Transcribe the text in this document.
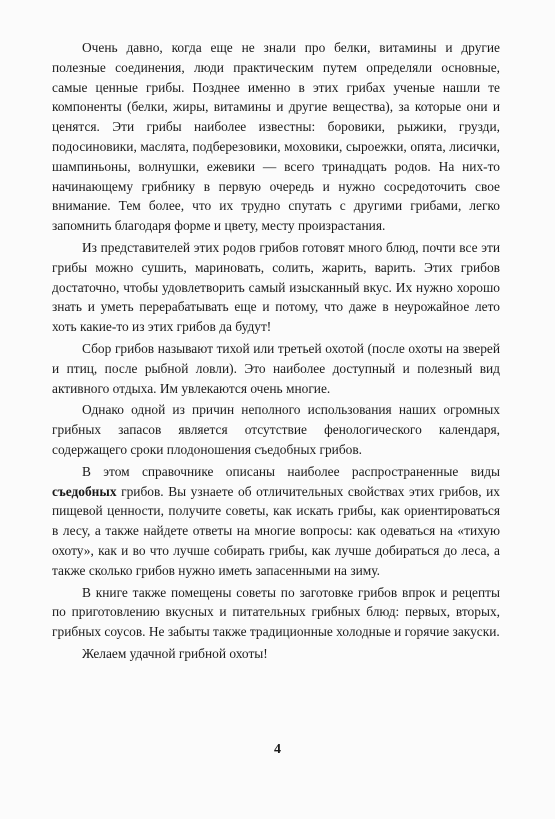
Очень давно, когда еще не знали про белки, витамины и другие полезные соединения, люди практическим путем определяли основные, самые ценные грибы. Позднее именно в этих грибах ученые нашли те компоненты (белки, жиры, витамины и другие вещества), за которые они и ценятся. Эти грибы наиболее известны: боровики, рыжики, грузди, подосиновики, маслята, подберезовики, моховики, сыроежки, опята, лисички, шампиньоны, волнушки, ежевики — всего тринадцать родов. На них-то начинающему грибнику в первую очередь и нужно сосредоточить свое внимание. Тем более, что их трудно спутать с другими грибами, легко запомнить благодаря форме и цвету, месту произрастания.

Из представителей этих родов грибов готовят много блюд, почти все эти грибы можно сушить, мариновать, солить, жарить, варить. Этих грибов достаточно, чтобы удовлетворить самый изысканный вкус. Их нужно хорошо знать и уметь перерабатывать еще и потому, что даже в неурожайное лето хоть какие-то из этих грибов да будут!

Сбор грибов называют тихой или третьей охотой (после охоты на зверей и птиц, после рыбной ловли). Это наиболее доступный и полезный вид активного отдыха. Им увлекаются очень многие.

Однако одной из причин неполного использования наших огромных грибных запасов является отсутствие фенологического календаря, содержащего сроки плодоношения съедобных грибов.

В этом справочнике описаны наиболее распространенные виды съедобных грибов. Вы узнаете об отличительных свойствах этих грибов, их пищевой ценности, получите советы, как искать грибы, как ориентироваться в лесу, а также найдете ответы на многие вопросы: как одеваться на «тихую охоту», как и во что лучше собирать грибы, как лучше добираться до леса, а также сколько грибов нужно иметь запасенными на зиму.

В книге также помещены советы по заготовке грибов впрок и рецепты по приготовлению вкусных и питательных грибных блюд: первых, вторых, грибных соусов. Не забыты также традиционные холодные и горячие закуски.

Желаем удачной грибной охоты!

4
